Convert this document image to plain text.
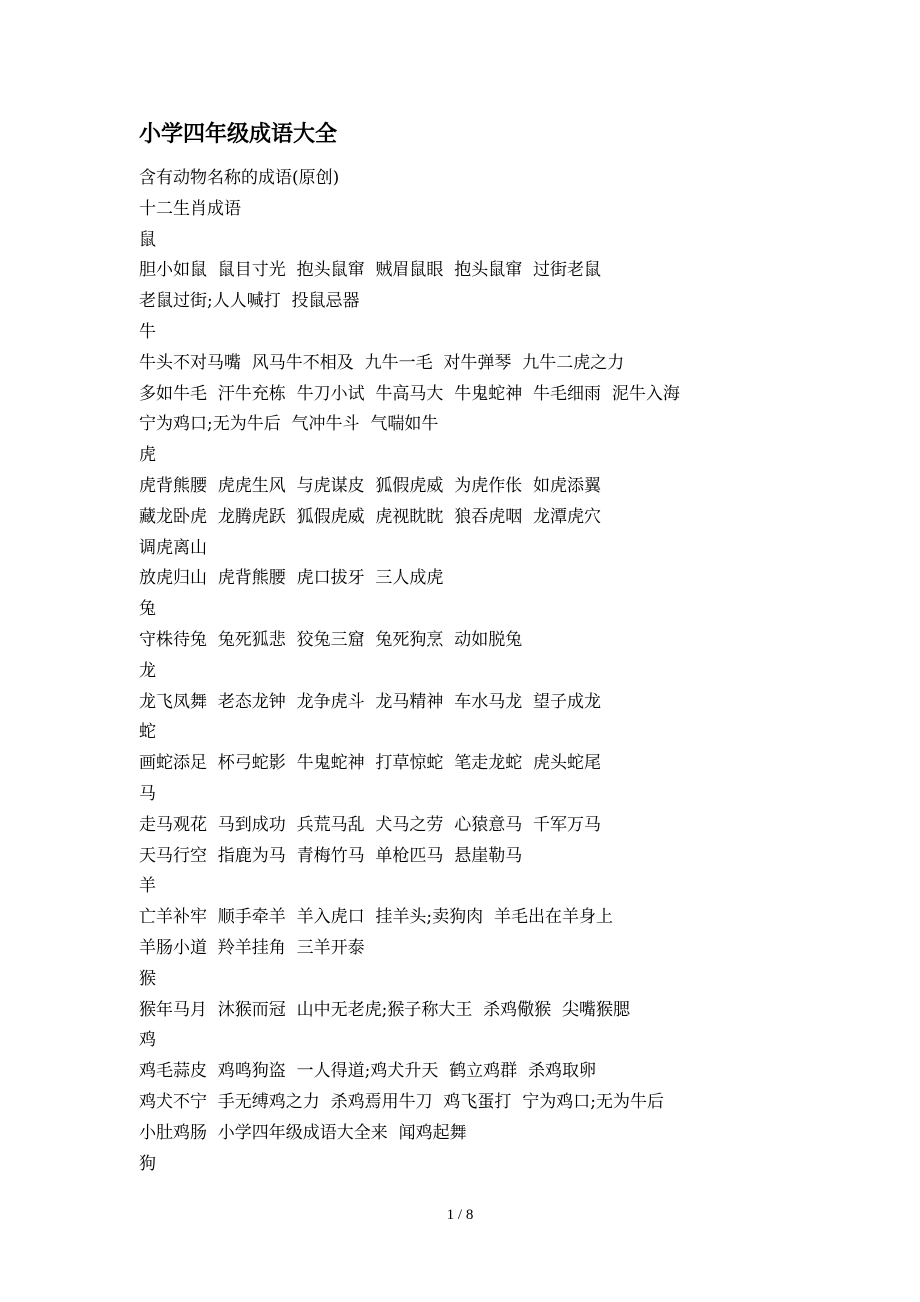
小学四年级成语大全
含有动物名称的成语(原创)
十二生肖成语
鼠
胆小如鼠  鼠目寸光  抱头鼠窜  贼眉鼠眼  抱头鼠窜  过街老鼠
老鼠过街;人人喊打  投鼠忌器
牛
牛头不对马嘴  风马牛不相及  九牛一毛  对牛弹琴  九牛二虎之力
多如牛毛  汗牛充栋  牛刀小试  牛高马大  牛鬼蛇神  牛毛细雨  泥牛入海
宁为鸡口;无为牛后  气冲牛斗  气喘如牛
虎
虎背熊腰  虎虎生风  与虎谋皮  狐假虎威  为虎作伥  如虎添翼
藏龙卧虎  龙腾虎跃  狐假虎威  虎视眈眈  狼吞虎咽  龙潭虎穴
调虎离山
放虎归山  虎背熊腰  虎口拔牙  三人成虎
兔
守株待兔  兔死狐悲  狡兔三窟  兔死狗烹  动如脱兔
龙
龙飞凤舞  老态龙钟  龙争虎斗  龙马精神  车水马龙  望子成龙
蛇
画蛇添足  杯弓蛇影  牛鬼蛇神  打草惊蛇  笔走龙蛇  虎头蛇尾
马
走马观花  马到成功  兵荒马乱  犬马之劳  心猿意马  千军万马
天马行空  指鹿为马  青梅竹马  单枪匹马  悬崖勒马
羊
亡羊补牢  顺手牵羊  羊入虎口  挂羊头;卖狗肉  羊毛出在羊身上
羊肠小道  羚羊挂角  三羊开泰
猴
猴年马月  沐猴而冠  山中无老虎;猴子称大王  杀鸡儆猴  尖嘴猴腮
鸡
鸡毛蒜皮  鸡鸣狗盗  一人得道;鸡犬升天  鹤立鸡群  杀鸡取卵
鸡犬不宁  手无缚鸡之力  杀鸡焉用牛刀  鸡飞蛋打  宁为鸡口;无为牛后
小肚鸡肠  小学四年级成语大全来  闻鸡起舞
狗
1 / 8
